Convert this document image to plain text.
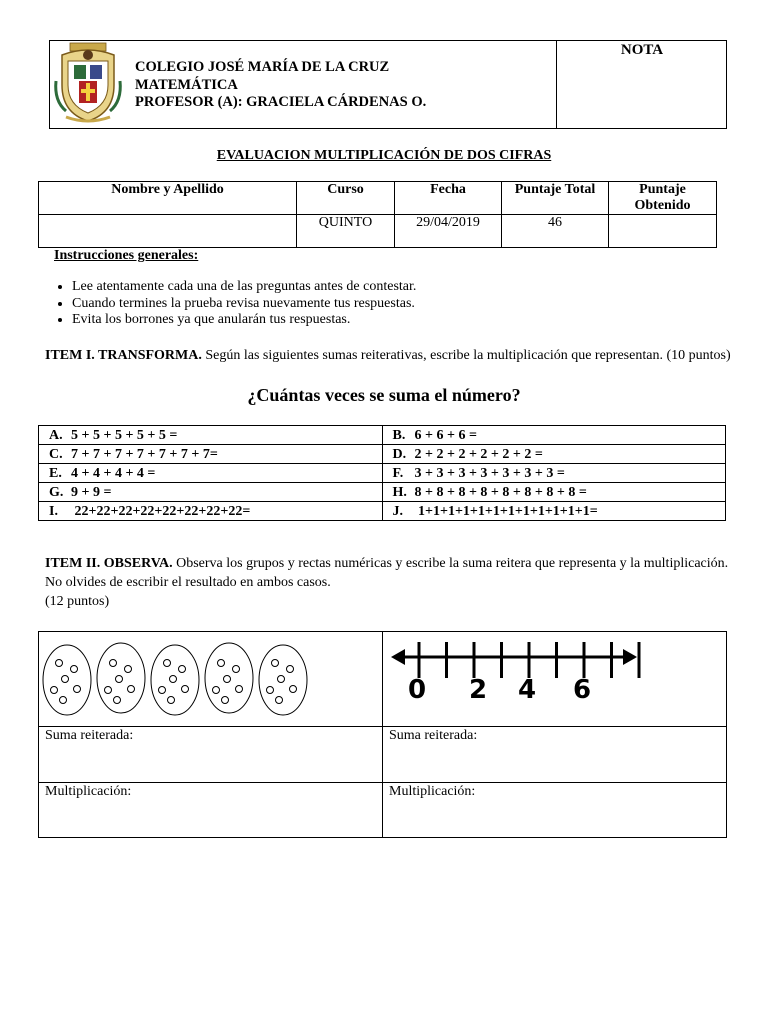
COLEGIO JOSÉ MARÍA DE LA CRUZ
MATEMÁTICA
PROFESOR (A): GRACIELA CÁRDENAS O.
NOTA
EVALUACION MULTIPLICACIÓN DE DOS CIFRAS
Nombre y Apellido	Curso	Fecha	Puntaje Total	Puntaje Obtenido
	QUINTO	29/04/2019	46	
Instrucciones generales:
• Lee atentamente cada una de las preguntas antes de contestar.
• Cuando termines la prueba revisa nuevamente tus respuestas.
• Evita los borrones ya que anularán tus respuestas.
ITEM I. TRANSFORMA. Según las siguientes sumas reiterativas, escribe la multiplicación que representan. (10 puntos)
¿Cuántas veces se suma el número?
A. 5 + 5 + 5 + 5 + 5 =	B. 6 + 6 + 6 =
C. 7 + 7 + 7 + 7 + 7 + 7 + 7=	D. 2 + 2 + 2 + 2 + 2 + 2 =
E. 4 + 4 + 4 + 4 =	F. 3 + 3 + 3 + 3 + 3 + 3 + 3 =
G. 9 + 9 =	H. 8 + 8 + 8 + 8 + 8 + 8 + 8 + 8 =
I. 22+22+22+22+22+22+22+22=	J. 1+1+1+1+1+1+1+1+1+1+1+1=
ITEM II. OBSERVA. Observa los grupos y rectas numéricas y escribe la suma reitera que representa y la multiplicación. No olvides de escribir el resultado en ambos casos.
(12 puntos)

0 2 4 6

Suma reiterada:	Suma reiterada:
Multiplicación:	Multiplicación:
